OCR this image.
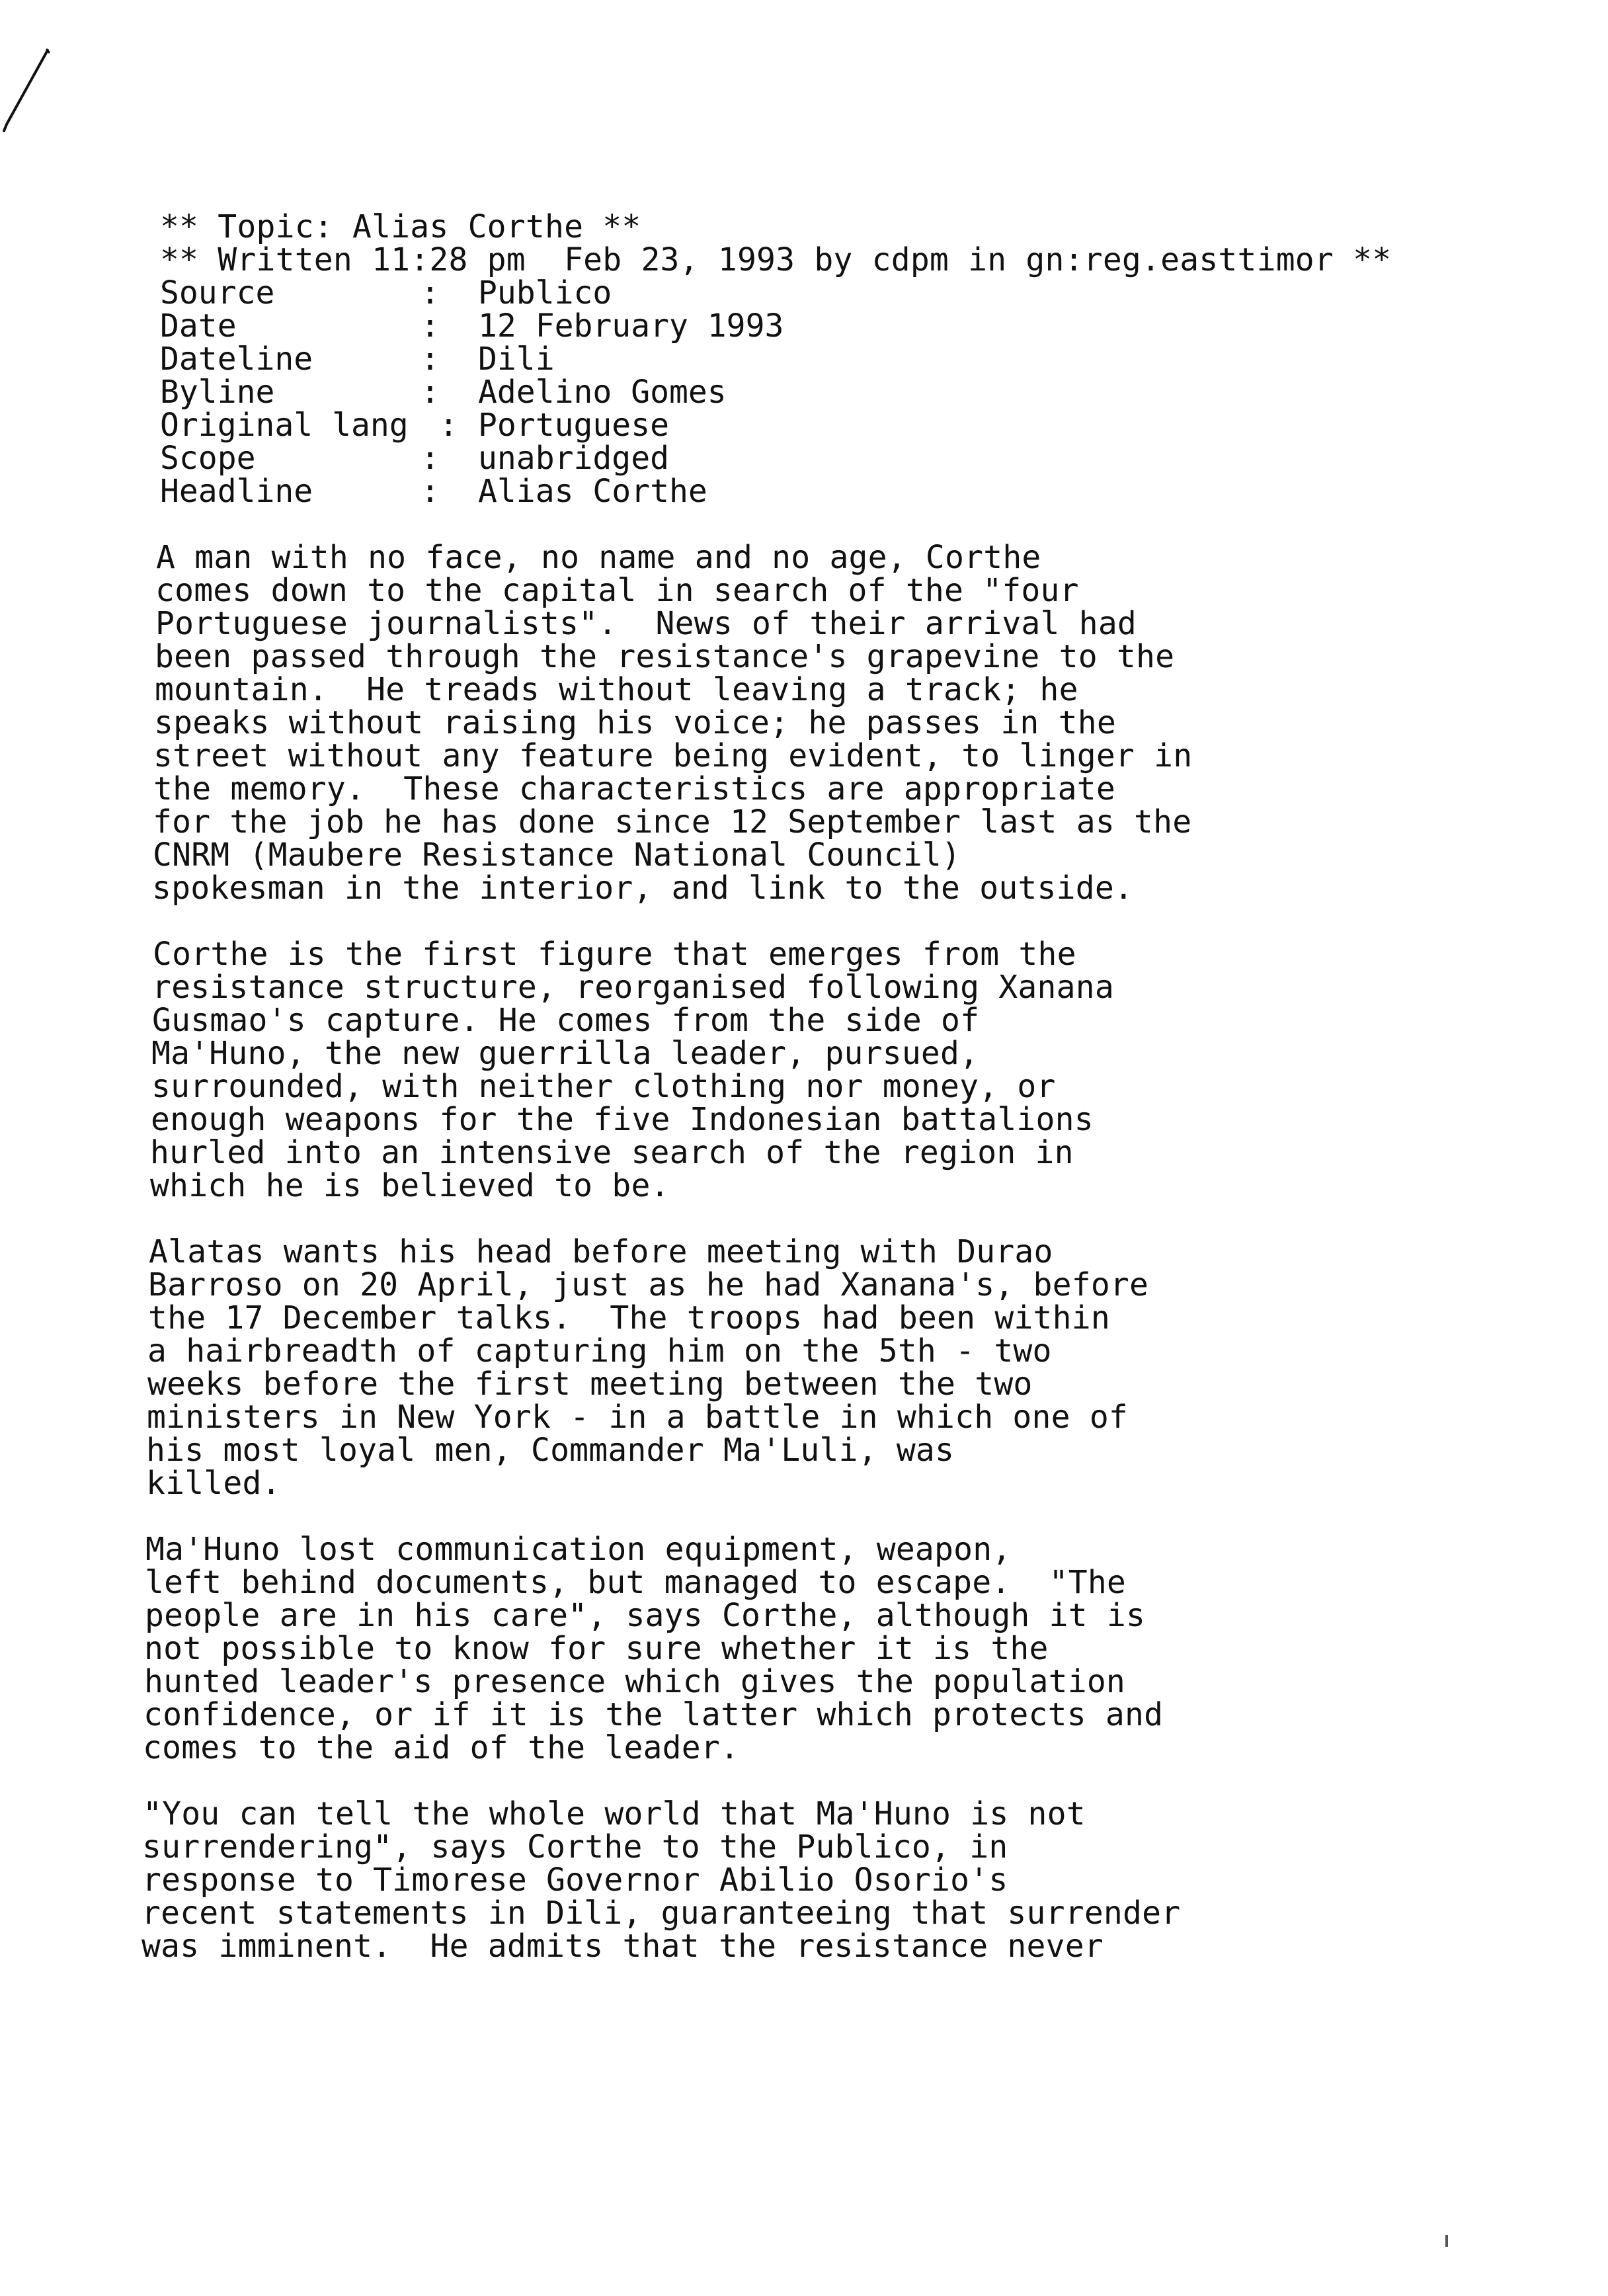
** Topic: Alias Corthe **
** Written 11:28 pm  Feb 23, 1993 by cdpm in gn:reg.easttimor **
Source	: Publico
Date	: 12 February 1993
Dateline	: Dili
Byline	: Adelino Gomes
Original lang : Portuguese
Scope	: unabridged
Headline	: Alias Corthe
A man with no face, no name and no age, Corthe
comes down to the capital in search of the "four
Portuguese journalists".  News of their arrival had
been passed through the resistance's grapevine to the
mountain.  He treads without leaving a track; he
speaks without raising his voice; he passes in the
street without any feature being evident, to linger in
the memory.  These characteristics are appropriate
for the job he has done since 12 September last as the
CNRM (Maubere Resistance National Council)
spokesman in the interior, and link to the outside.
Corthe is the first figure that emerges from the
resistance structure, reorganised following Xanana
Gusmao's capture. He comes from the side of
Ma'Huno, the new guerrilla leader, pursued,
surrounded, with neither clothing nor money, or
enough weapons for the five Indonesian battalions
hurled into an intensive search of the region in
which he is believed to be.
Alatas wants his head before meeting with Durao
Barroso on 20 April, just as he had Xanana's, before
the 17 December talks.  The troops had been within
a hairbreadth of capturing him on the 5th - two
weeks before the first meeting between the two
ministers in New York - in a battle in which one of
his most loyal men, Commander Ma'Luli, was
killed.
Ma'Huno lost communication equipment, weapon,
left behind documents, but managed to escape.  "The
people are in his care", says Corthe, although it is
not possible to know for sure whether it is the
hunted leader's presence which gives the population
confidence, or if it is the latter which protects and
comes to the aid of the leader.
"You can tell the whole world that Ma'Huno is not
surrendering", says Corthe to the Publico, in
response to Timorese Governor Abilio Osorio's
recent statements in Dili, guaranteeing that surrender
was imminent.  He admits that the resistance never
